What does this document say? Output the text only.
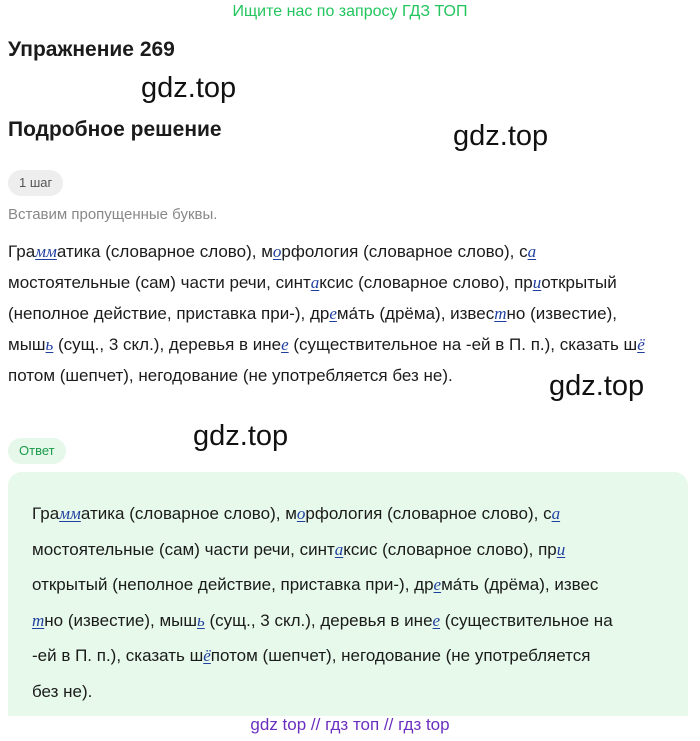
Ищите нас по запросу ГДЗ ТОП
Упражнение 269
gdz.top
Подробное решение	gdz.top
1 шаг
Вставим пропущенные буквы.
Грамматика (словарное слово), морфология (словарное слово), са
мостоятельные (сам) части речи, синтаксис (словарное слово), приоткрытый
(неполное действие, приставка при-), дрема́ть (дрёма), известно (известие),
мышь (сущ., 3 скл.), деревья в инее (существительное на -ей в П. п.), сказать шё
потом (шепчет), негодование (не употребляется без не).	gdz.top
gdz.top
Ответ
Грамматика (словарное слово), морфология (словарное слово), са
мостоятельные (сам) части речи, синтаксис (словарное слово), при
открытый (неполное действие, приставка при-), дрема́ть (дрёма), извес
тно (известие), мышь (сущ., 3 скл.), деревья в инее (существительное на
-ей в П. п.), сказать шёпотом (шепчет), негодование (не употребляется
без не).
gdz top // гдз топ // гдз top
